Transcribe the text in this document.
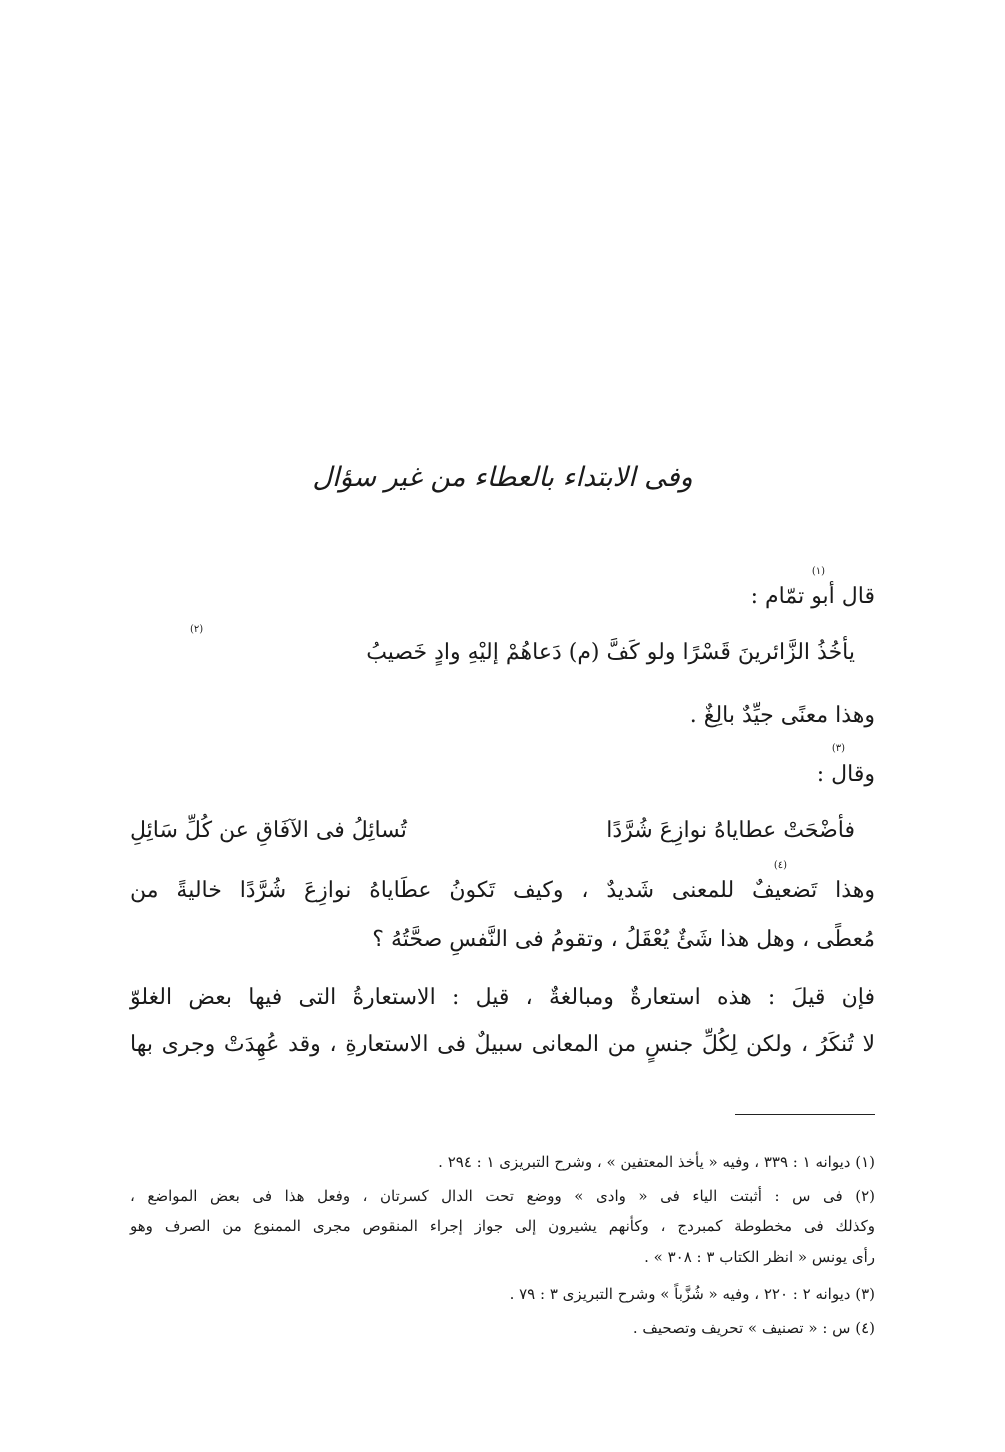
وفى الابتداء بالعطاء من غير سؤال
(١)
قال أبو تمّام :
(٢)
يأخُذُ الزَّائرينَ قَسْرًا ولو كَفَّ (م) دَعاهُمْ إليْهِ وادٍ خَصيبُ
وهذا معنًى جيِّدٌ بالِغٌ .
(٣)
وقال :
فأضْحَتْ عطاياهُ نوازِعَ شُرَّدًا
تُسائِلُ فى الآفَاقِ عن كُلِّ سَائِلِ
(٤)
وهذا تَضعيفٌ للمعنى شَديدٌ ، وكيف تَكونُ عطَاياهُ نوازِعَ شُرَّدًا خاليةً من
مُعطًى ، وهل هذا شَئٌ يُعْقَلُ ، وتقومُ فى النَّفسِ صحَّتُهُ ؟
فإن قيلَ : هذه استعارةٌ ومبالغةٌ ، قيل : الاستعارةُ التى فيها بعض الغلوّ
لا تُنكَرُ ، ولكن لِكُلِّ جنسٍ من المعانى سبيلٌ فى الاستعارةِ ، وقد عُهِدَتْ وجرى بها
(١) ديوانه ١ : ٣٣٩ ، وفيه « يأخذ المعتفين » ، وشرح التبريزى ١ : ٢٩٤ .
(٢) فى س : أثبتت الياء فى « وادى » ووضع تحت الدال كسرتان ، وفعل هذا فى بعض المواضع ،
وكذلك فى مخطوطة كمبردج ، وكأنهم يشيرون إلى جواز إجراء المنقوص مجرى الممنوع من الصرف وهو
رأى يونس « انظر الكتاب ٣ : ٣٠٨ » .
(٣) ديوانه ٢ : ٢٢٠ ، وفيه « شُزَّباً » وشرح التبريزى ٣ : ٧٩ .
(٤) س : « تصنيف » تحريف وتصحيف .
